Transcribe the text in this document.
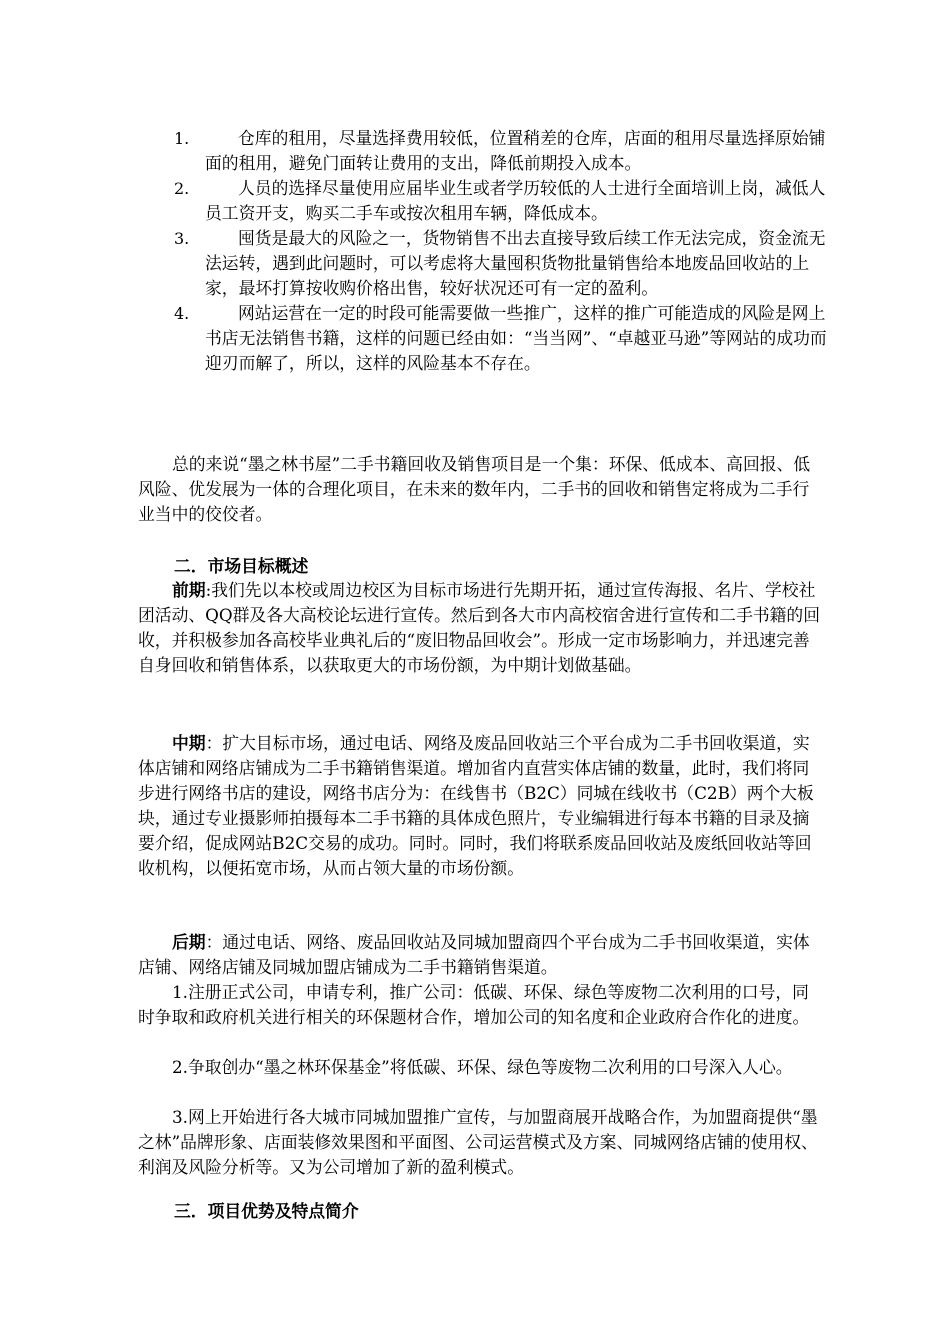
1.	仓库的租用，尽量选择费用较低，位置稍差的仓库，店面的租用尽量选择原始铺面的租用，避免门面转让费用的支出，降低前期投入成本。

2.	人员的选择尽量使用应届毕业生或者学历较低的人士进行全面培训上岗，减低人员工资开支，购买二手车或按次租用车辆，降低成本。

3.	囤货是最大的风险之一，货物销售不出去直接导致后续工作无法完成，资金流无法运转，遇到此问题时，可以考虑将大量囤积货物批量销售给本地废品回收站的上家，最坏打算按收购价格出售，较好状况还可有一定的盈利。

4.	网站运营在一定的时段可能需要做一些推广，这样的推广可能造成的风险是网上书店无法销售书籍，这样的问题已经由如：“当当网”、“卓越亚马逊”等网站的成功而迎刃而解了，所以，这样的风险基本不存在。

总的来说“墨之林书屋”二手书籍回收及销售项目是一个集：环保、低成本、高回报、低风险、优发展为一体的合理化项目，在未来的数年内，二手书的回收和销售定将成为二手行业当中的佼佼者。

二．市场目标概述

前期:我们先以本校或周边校区为目标市场进行先期开拓，通过宣传海报、名片、学校社团活动、QQ群及各大高校论坛进行宣传。然后到各大市内高校宿舍进行宣传和二手书籍的回收，并积极参加各高校毕业典礼后的“废旧物品回收会”。形成一定市场影响力，并迅速完善自身回收和销售体系，以获取更大的市场份额，为中期计划做基础。

中期：扩大目标市场，通过电话、网络及废品回收站三个平台成为二手书回收渠道，实体店铺和网络店铺成为二手书籍销售渠道。增加省内直营实体店铺的数量，此时，我们将同步进行网络书店的建设，网络书店分为：在线售书（B2C）同城在线收书（C2B）两个大板块，通过专业摄影师拍摄每本二手书籍的具体成色照片，专业编辑进行每本书籍的目录及摘要介绍，促成网站B2C交易的成功。同时。同时，我们将联系废品回收站及废纸回收站等回收机构，以便拓宽市场，从而占领大量的市场份额。

后期：通过电话、网络、废品回收站及同城加盟商四个平台成为二手书回收渠道，实体店铺、网络店铺及同城加盟店铺成为二手书籍销售渠道。

1.注册正式公司，申请专利，推广公司：低碳、环保、绿色等废物二次利用的口号，同时争取和政府机关进行相关的环保题材合作，增加公司的知名度和企业政府合作化的进度。

2.争取创办“墨之林环保基金”将低碳、环保、绿色等废物二次利用的口号深入人心。

3.网上开始进行各大城市同城加盟推广宣传，与加盟商展开战略合作，为加盟商提供“墨之林”品牌形象、店面装修效果图和平面图、公司运营模式及方案、同城网络店铺的使用权、利润及风险分析等。又为公司增加了新的盈利模式。

三．项目优势及特点简介
